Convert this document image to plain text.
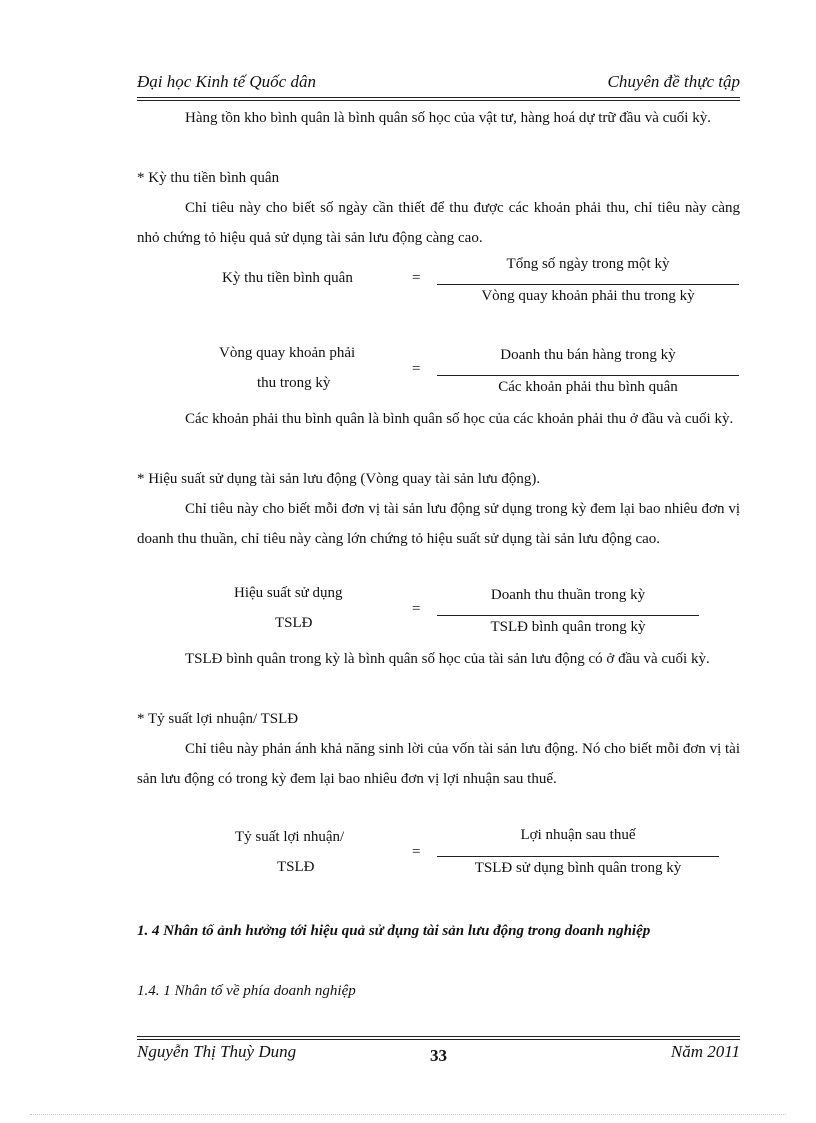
Đại học Kinh tế Quốc dân	Chuyên đề thực tập
Hàng tồn kho bình quân là bình quân số học của vật tư, hàng hoá dự trữ đầu và cuối kỳ.
* Kỳ thu tiền bình quân
Chỉ tiêu này cho biết số ngày cần thiết để thu được các khoản phải thu, chỉ tiêu này càng nhỏ chứng tỏ hiệu quả sử dụng tài sản lưu động càng cao.
Kỳ thu tiền bình quân	=
Tổng số ngày trong một kỳ
Vòng quay khoản phải thu trong kỳ
Vòng quay khoản phải
thu trong kỳ
=
Doanh thu bán hàng trong kỳ
Các khoản phải thu bình quân
Các khoản phải thu bình quân là bình quân số học của các khoản phải thu ở đầu và cuối kỳ.
* Hiệu suất sử dụng tài sản lưu động (Vòng quay tài sản lưu động).
Chỉ tiêu này cho biết mỗi đơn vị tài sản lưu động sử dụng trong kỳ đem lại bao nhiêu đơn vị doanh thu thuần, chỉ tiêu này càng lớn chứng tỏ hiệu suất sử dụng tài sản lưu động cao.
Hiệu suất sử dụng
TSLĐ
=
Doanh thu thuần trong kỳ
TSLĐ bình quân trong kỳ
TSLĐ bình quân trong kỳ là bình quân số học của tài sản lưu động có ở đầu và cuối kỳ.
* Tỷ suất lợi nhuận/ TSLĐ
Chỉ tiêu này phản ánh khả năng sinh lời của vốn tài sản lưu động. Nó cho biết mỗi đơn vị tài sản lưu động có trong kỳ đem lại bao nhiêu đơn vị lợi nhuận sau thuế.
Tỷ suất lợi nhuận/
TSLĐ
=
Lợi nhuận sau thuế
TSLĐ sử dụng bình quân trong kỳ
1. 4 Nhân tố ảnh hưởng tới hiệu quả sử dụng tài sản lưu động trong doanh nghiệp
1.4. 1 Nhân tố về phía doanh nghiệp
33
Nguyễn Thị Thuỳ Dung	Năm 2011
